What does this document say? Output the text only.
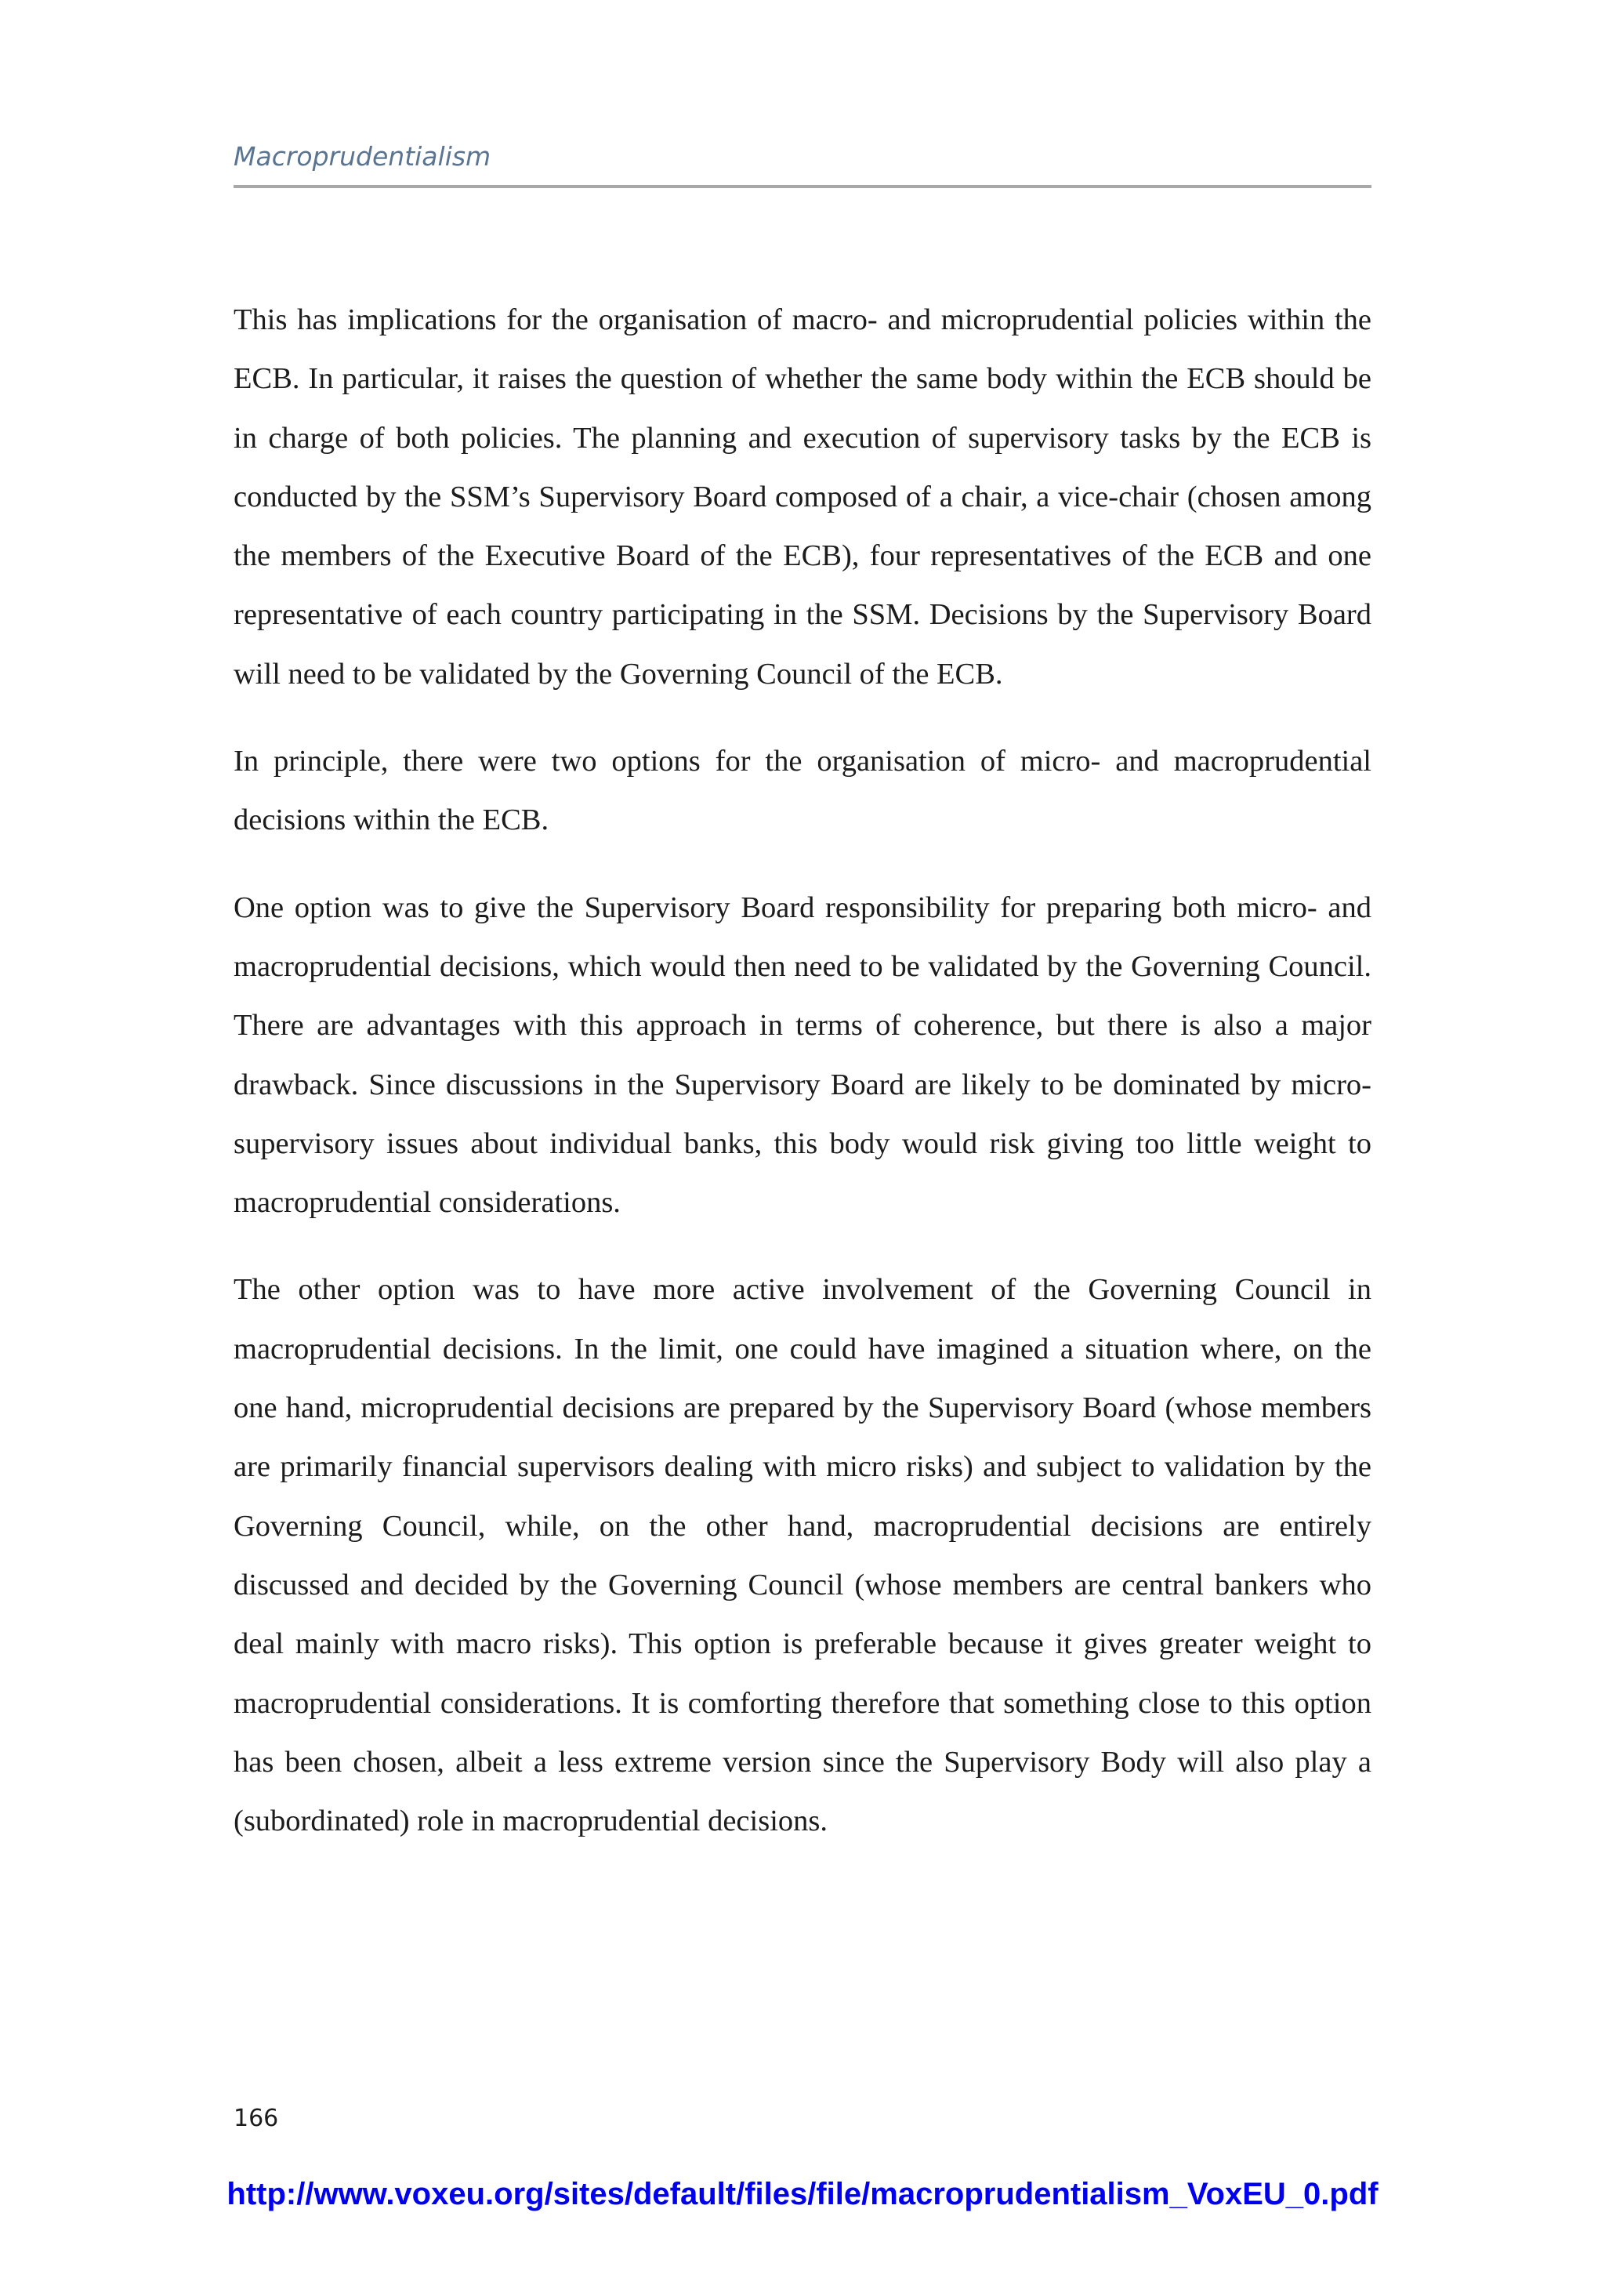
Macroprudentialism

This has implications for the organisation of macro- and microprudential policies within the ECB. In particular, it raises the question of whether the same body within the ECB should be in charge of both policies. The planning and execution of supervisory tasks by the ECB is conducted by the SSM’s Supervisory Board composed of a chair, a vice-chair (chosen among the members of the Executive Board of the ECB), four representatives of the ECB and one representative of each country participating in the SSM. Decisions by the Supervisory Board will need to be validated by the Governing Council of the ECB.

In principle, there were two options for the organisation of micro- and macroprudential decisions within the ECB.

One option was to give the Supervisory Board responsibility for preparing both micro- and macroprudential decisions, which would then need to be validated by the Governing Council. There are advantages with this approach in terms of coherence, but there is also a major drawback. Since discussions in the Supervisory Board are likely to be dominated by micro-supervisory issues about individual banks, this body would risk giving too little weight to macroprudential considerations.

The other option was to have more active involvement of the Governing Council in macroprudential decisions. In the limit, one could have imagined a situation where, on the one hand, microprudential decisions are prepared by the Supervisory Board (whose members are primarily financial supervisors dealing with micro risks) and subject to validation by the Governing Council, while, on the other hand, macroprudential decisions are entirely discussed and decided by the Governing Council (whose members are central bankers who deal mainly with macro risks). This option is preferable because it gives greater weight to macroprudential considerations. It is comforting therefore that something close to this option has been chosen, albeit a less extreme version since the Supervisory Body will also play a (subordinated) role in macroprudential decisions.

166
http://www.voxeu.org/sites/default/files/file/macroprudentialism_VoxEU_0.pdf
